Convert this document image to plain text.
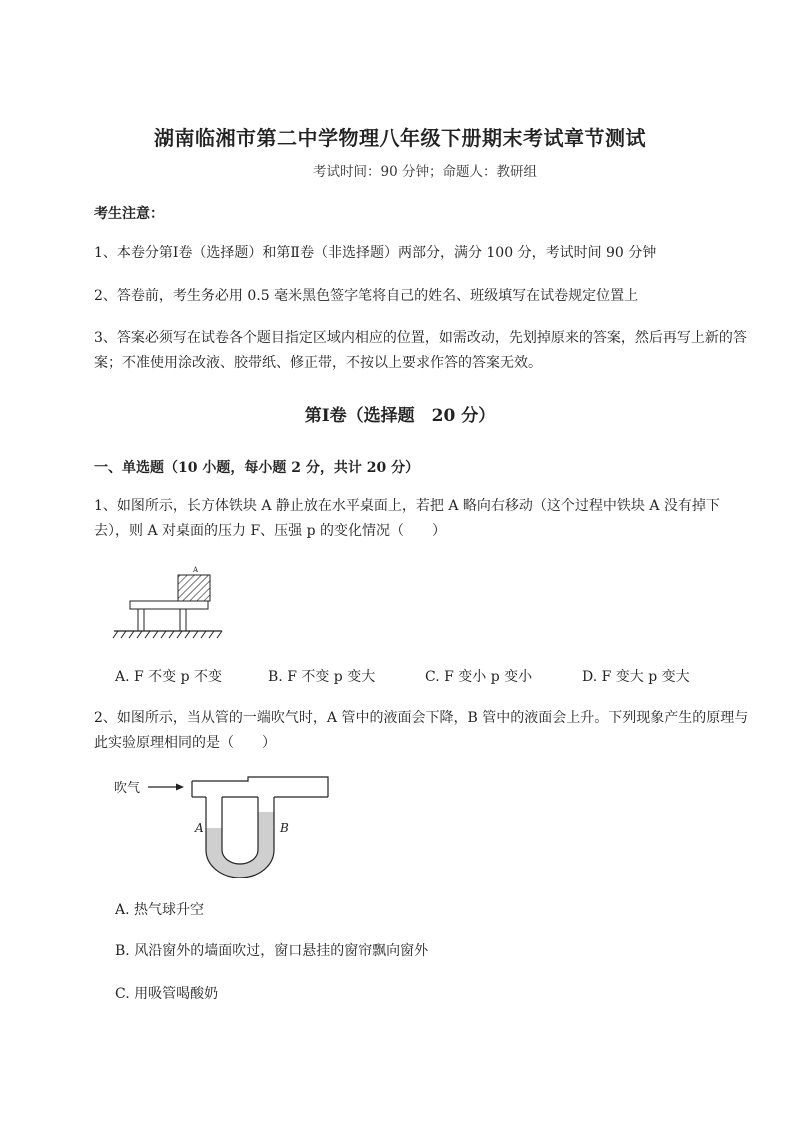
湖南临湘市第二中学物理八年级下册期末考试章节测试
考试时间：90 分钟；命题人：教研组
考生注意：
1、本卷分第Ⅰ卷（选择题）和第Ⅱ卷（非选择题）两部分，满分 100 分，考试时间 90 分钟
2、答卷前，考生务必用 0.5 毫米黑色签字笔将自己的姓名、班级填写在试卷规定位置上
3、答案必须写在试卷各个题目指定区域内相应的位置，如需改动，先划掉原来的答案，然后再写上新的答案；不准使用涂改液、胶带纸、修正带，不按以上要求作答的答案无效。
第Ⅰ卷（选择题　20 分）
一、单选题（10 小题，每小题 2 分，共计 20 分）
1、如图所示，长方体铁块 A 静止放在水平桌面上，若把 A 略向右移动（这个过程中铁块 A 没有掉下去），则 A 对桌面的压力 F、压强 p 的变化情况（　　）
A
A. F 不变 p 不变	B. F 不变 p 变大	C. F 变小 p 变小	D. F 变大 p 变大
2、如图所示，当从管的一端吹气时，A 管中的液面会下降，B 管中的液面会上升。下列现象产生的原理与此实验原理相同的是（　　）
吹气
A	B
A. 热气球升空
B. 风沿窗外的墙面吹过，窗口悬挂的窗帘飘向窗外
C. 用吸管喝酸奶
